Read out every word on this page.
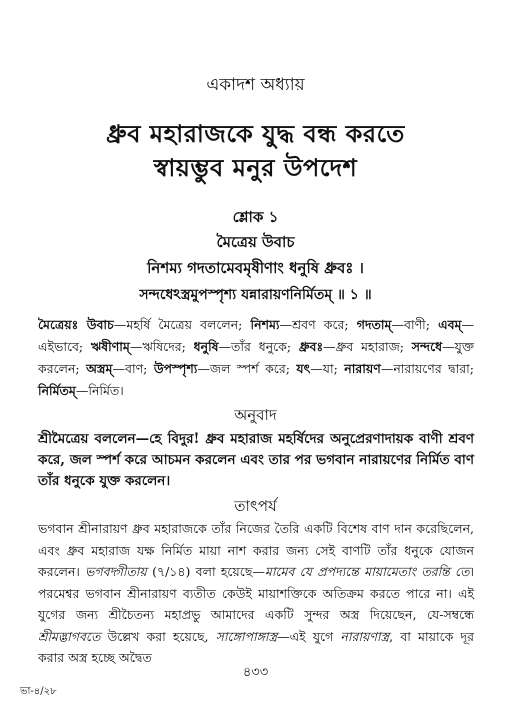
একাদশ অধ্যায়
ধ্রুব মহারাজকে যুদ্ধ বন্ধ করতে
স্বায়ম্ভুব মনুর উপদেশ
শ্লোক ১
মৈত্রেয় উবাচ
নিশম্য গদতামেবমৃষীণাং ধনুষি ধ্রুবঃ ।
সন্দধেঽস্ত্রমুপস্পৃশ্য যন্নারায়ণনির্মিতম্ ॥ ১ ॥
মৈত্রেয়ঃ উবাচ—মহর্ষি মৈত্রেয় বললেন; নিশম্য—শ্রবণ করে; গদতাম্—বাণী; এবম্—এইভাবে; ঋষীণাম্—ঋষিদের; ধনুষি—তাঁর ধনুকে; ধ্রুবঃ—ধ্রুব মহারাজ; সন্দধে—যুক্ত করলেন; অস্ত্রম্—বাণ; উপস্পৃশ্য—জল স্পর্শ করে; যৎ—যা; নারায়ণ—নারায়ণের দ্বারা; নির্মিতম্—নির্মিত।
অনুবাদ
শ্রীমৈত্রেয় বললেন—হে বিদুর! ধ্রুব মহারাজ মহর্ষিদের অনুপ্রেরণাদায়ক বাণী শ্রবণ করে, জল স্পর্শ করে আচমন করলেন এবং তার পর ভগবান নারায়ণের নির্মিত বাণ তাঁর ধনুকে যুক্ত করলেন।
তাৎপর্য
ভগবান শ্রীনারায়ণ ধ্রুব মহারাজকে তাঁর নিজের তৈরি একটি বিশেষ বাণ দান করেছিলেন, এবং ধ্রুব মহারাজ যক্ষ নির্মিত মায়া নাশ করার জন্য সেই বাণটি তাঁর ধনুকে যোজন করলেন। ভগবদ্গীতায় (৭/১৪) বলা হয়েছে—মামেব যে প্রপদ্যন্তে মায়ামেতাং তরন্তি তে। পরমেশ্বর ভগবান শ্রীনারায়ণ ব্যতীত কেউই মায়াশক্তিকে অতিক্রম করতে পারে না। এই যুগের জন্য শ্রীচৈতন্য মহাপ্রভু আমাদের একটি সুন্দর অস্ত্র দিয়েছেন, যে-সম্বন্ধে শ্রীমদ্ভাগবতে উল্লেখ করা হয়েছে, সাঙ্গোপাঙ্গাস্ত্র—এই যুগে নারায়ণাস্ত্র, বা মায়াকে দূর করার অস্ত্র হচ্ছে অদ্বৈত
৪৩৩
ভা-৪/২৮
